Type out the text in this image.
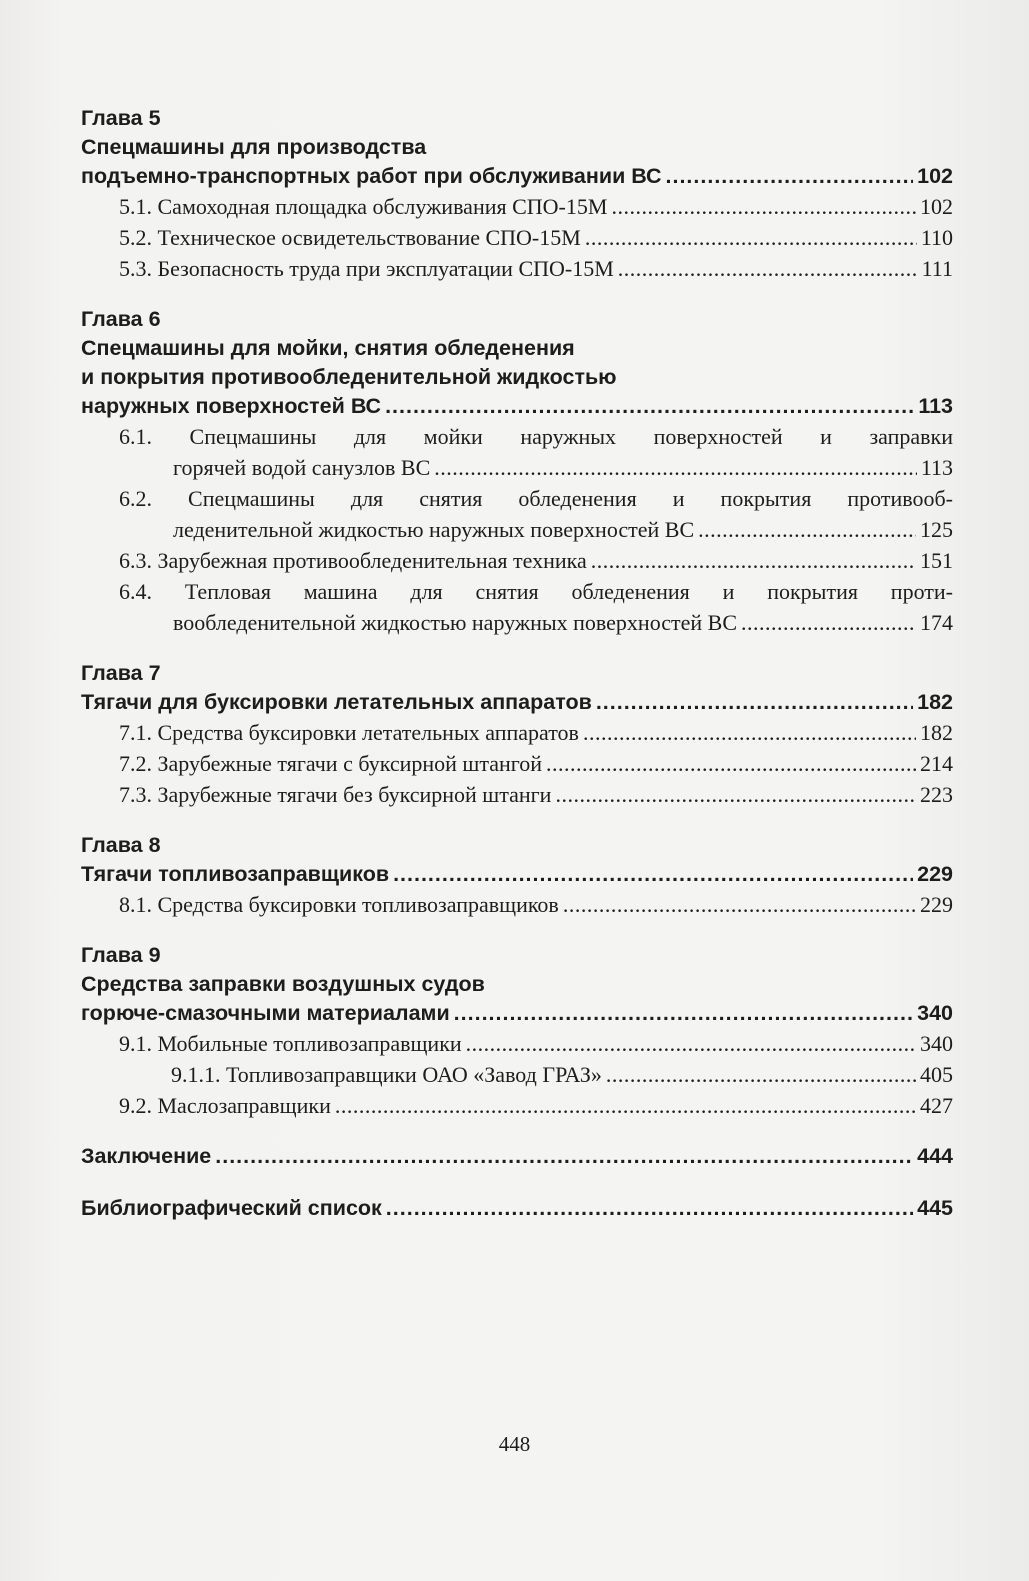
Глава 5
Спецмашины для производства
подъемно-транспортных работ при обслуживании ВС .....	102
5.1. Самоходная площадка обслуживания СПО-15М .....	102
5.2. Техническое освидетельствование СПО-15М .....	110
5.3. Безопасность труда при эксплуатации СПО-15М .....	111
Глава 6
Спецмашины для мойки, снятия обледенения
и покрытия противообледенительной жидкостью
наружных поверхностей ВС .....	113
6.1. Спецмашины для мойки наружных поверхностей и заправки
горячей водой санузлов ВС .....	113
6.2. Спецмашины для снятия обледенения и покрытия противооб-
леденительной жидкостью наружных поверхностей ВС .....	125
6.3. Зарубежная противообледенительная техника .....	151
6.4. Тепловая машина для снятия обледенения и покрытия проти-
вообледенительной жидкостью наружных поверхностей ВС .....	174
Глава 7
Тягачи для буксировки летательных аппаратов .....	182
7.1. Средства буксировки летательных аппаратов .....	182
7.2. Зарубежные тягачи с буксирной штангой .....	214
7.3. Зарубежные тягачи без буксирной штанги .....	223
Глава 8
Тягачи топливозаправщиков .....	229
8.1. Средства буксировки топливозаправщиков .....	229
Глава 9
Средства заправки воздушных судов
горюче-смазочными материалами .....	340
9.1. Мобильные топливозаправщики .....	340
9.1.1. Топливозаправщики ОАО «Завод ГРАЗ» .....	405
9.2. Маслозаправщики .....	427
Заключение .....	444
Библиографический список .....	445
448
